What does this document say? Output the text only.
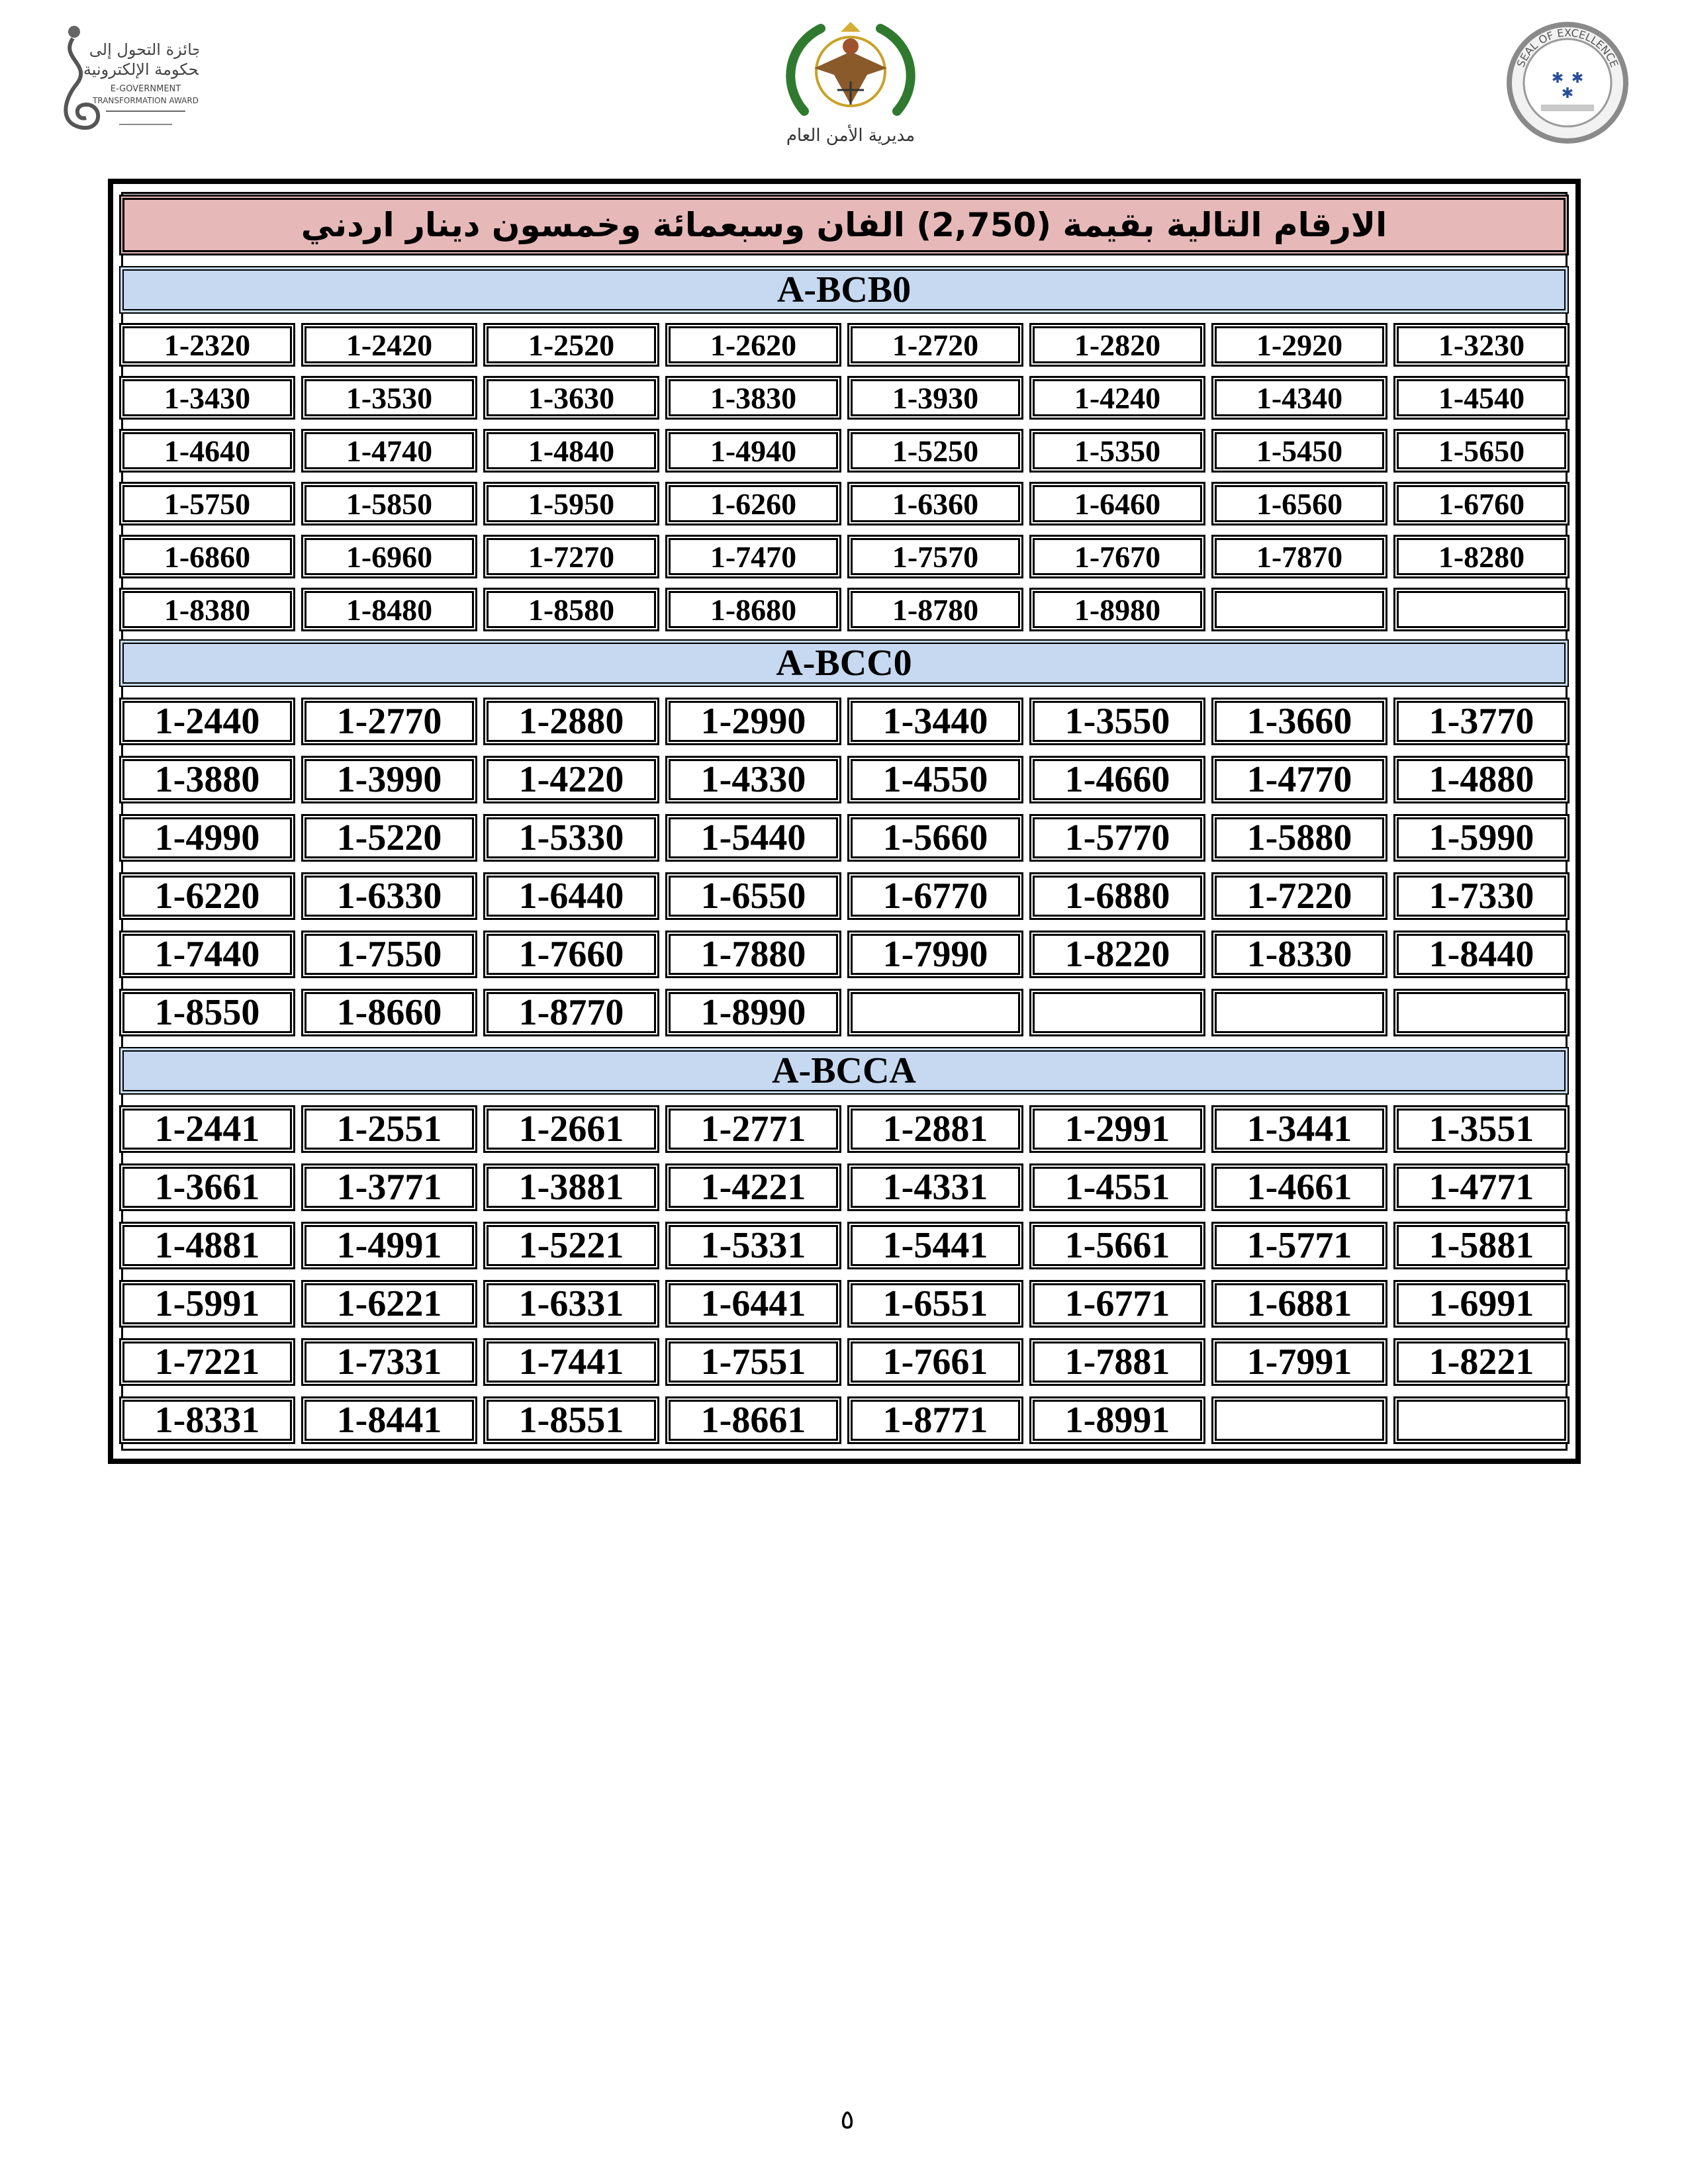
جائزة التحول إلى
الحكومة الإلكترونية
E-GOVERNMENT
TRANSFORMATION AWARD
مديرية الأمن العام
SEAL OF EXCELLENCE
✱ ✱
✱
الارقام التالية بقيمة (2,750) الفان وسبعمائة وخمسون دينار اردني
A-BCB0
1-2320	1-2420	1-2520	1-2620	1-2720	1-2820	1-2920	1-3230
1-3430	1-3530	1-3630	1-3830	1-3930	1-4240	1-4340	1-4540
1-4640	1-4740	1-4840	1-4940	1-5250	1-5350	1-5450	1-5650
1-5750	1-5850	1-5950	1-6260	1-6360	1-6460	1-6560	1-6760
1-6860	1-6960	1-7270	1-7470	1-7570	1-7670	1-7870	1-8280
1-8380	1-8480	1-8580	1-8680	1-8780	1-8980
A-BCC0
1-2440	1-2770	1-2880	1-2990	1-3440	1-3550	1-3660	1-3770
1-3880	1-3990	1-4220	1-4330	1-4550	1-4660	1-4770	1-4880
1-4990	1-5220	1-5330	1-5440	1-5660	1-5770	1-5880	1-5990
1-6220	1-6330	1-6440	1-6550	1-6770	1-6880	1-7220	1-7330
1-7440	1-7550	1-7660	1-7880	1-7990	1-8220	1-8330	1-8440
1-8550	1-8660	1-8770	1-8990
A-BCCA
1-2441	1-2551	1-2661	1-2771	1-2881	1-2991	1-3441	1-3551
1-3661	1-3771	1-3881	1-4221	1-4331	1-4551	1-4661	1-4771
1-4881	1-4991	1-5221	1-5331	1-5441	1-5661	1-5771	1-5881
1-5991	1-6221	1-6331	1-6441	1-6551	1-6771	1-6881	1-6991
1-7221	1-7331	1-7441	1-7551	1-7661	1-7881	1-7991	1-8221
1-8331	1-8441	1-8551	1-8661	1-8771	1-8991
٥
